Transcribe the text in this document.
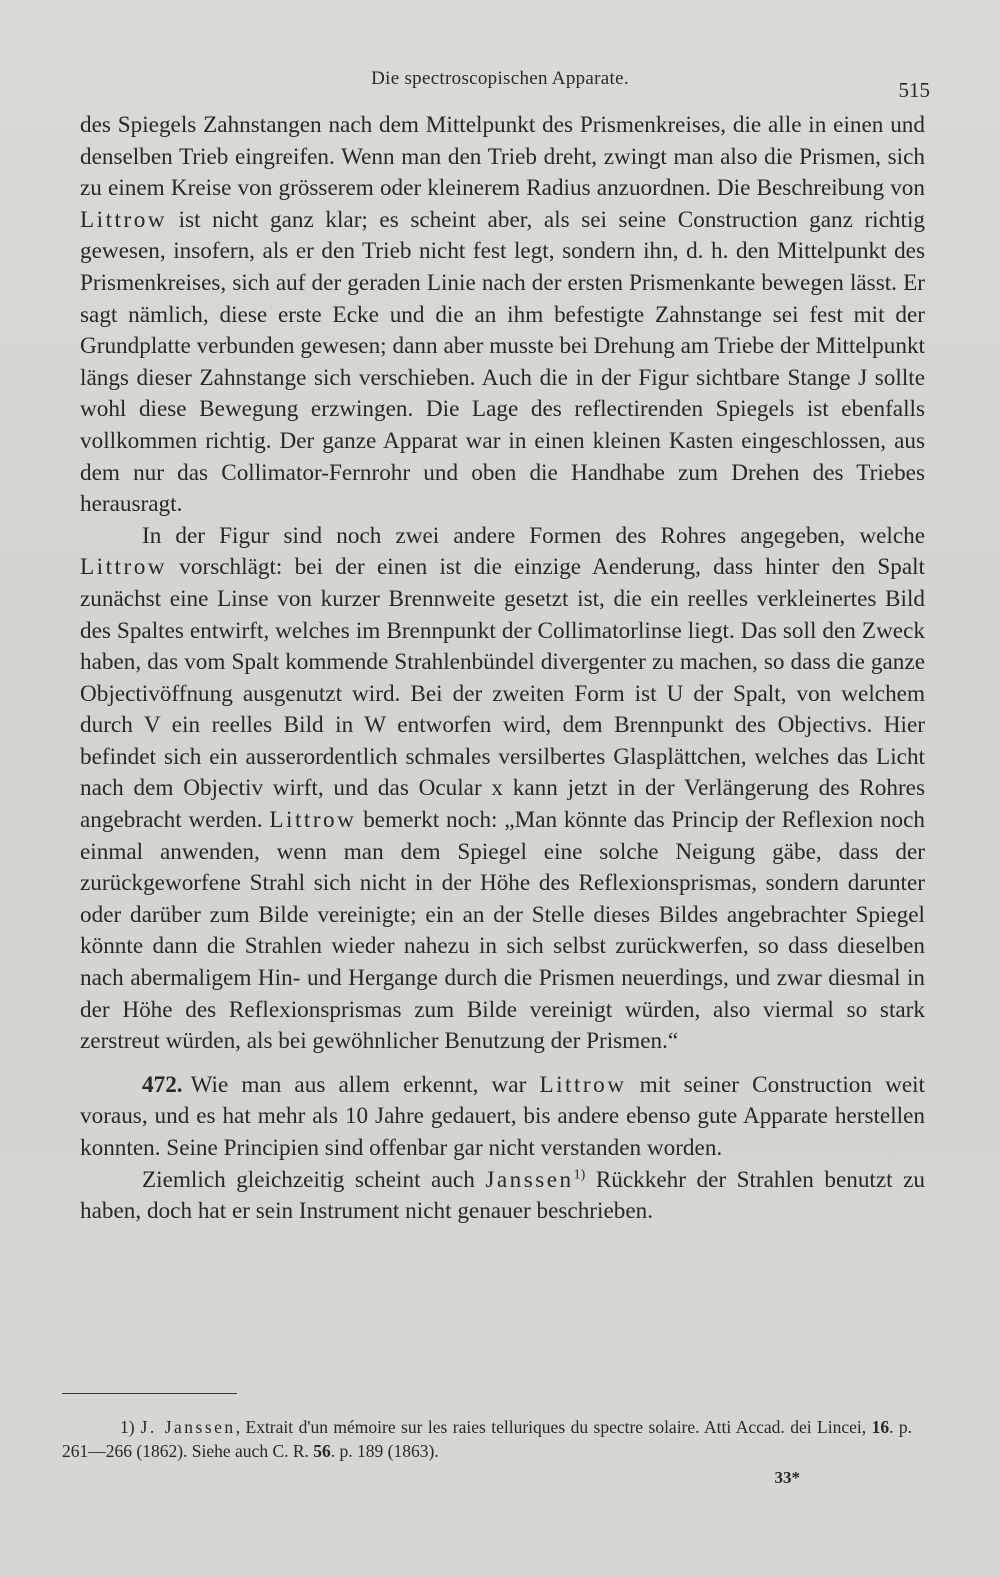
Die spectroscopischen Apparate.	515

des Spiegels Zahnstangen nach dem Mittelpunkt des Prismenkreises, die alle in einen und denselben Trieb eingreifen. Wenn man den Trieb dreht, zwingt man also die Prismen, sich zu einem Kreise von grösserem oder kleinerem Radius anzuordnen. Die Beschreibung von Littrow ist nicht ganz klar; es scheint aber, als sei seine Construction ganz richtig gewesen, insofern, als er den Trieb nicht fest legt, sondern ihn, d. h. den Mittelpunkt des Prismenkreises, sich auf der geraden Linie nach der ersten Prismenkante bewegen lässt. Er sagt nämlich, diese erste Ecke und die an ihm befestigte Zahnstange sei fest mit der Grundplatte verbunden gewesen; dann aber musste bei Drehung am Triebe der Mittelpunkt längs dieser Zahnstange sich verschieben. Auch die in der Figur sichtbare Stange J sollte wohl diese Bewegung erzwingen. Die Lage des reflectirenden Spiegels ist ebenfalls vollkommen richtig. Der ganze Apparat war in einen kleinen Kasten eingeschlossen, aus dem nur das Collimator-Fernrohr und oben die Handhabe zum Drehen des Triebes herausragt.

In der Figur sind noch zwei andere Formen des Rohres angegeben, welche Littrow vorschlägt: bei der einen ist die einzige Aenderung, dass hinter den Spalt zunächst eine Linse von kurzer Brennweite gesetzt ist, die ein reelles verkleinertes Bild des Spaltes entwirft, welches im Brennpunkt der Collimatorlinse liegt. Das soll den Zweck haben, das vom Spalt kommende Strahlenbündel divergenter zu machen, so dass die ganze Objectivöffnung ausgenutzt wird. Bei der zweiten Form ist U der Spalt, von welchem durch V ein reelles Bild in W entworfen wird, dem Brennpunkt des Objectivs. Hier befindet sich ein ausserordentlich schmales versilbertes Glasplättchen, welches das Licht nach dem Objectiv wirft, und das Ocular x kann jetzt in der Verlängerung des Rohres angebracht werden. Littrow bemerkt noch: „Man könnte das Princip der Reflexion noch einmal anwenden, wenn man dem Spiegel eine solche Neigung gäbe, dass der zurückgeworfene Strahl sich nicht in der Höhe des Reflexionsprismas, sondern darunter oder darüber zum Bilde vereinigte; ein an der Stelle dieses Bildes angebrachter Spiegel könnte dann die Strahlen wieder nahezu in sich selbst zurückwerfen, so dass dieselben nach abermaligem Hin- und Hergange durch die Prismen neuerdings, und zwar diesmal in der Höhe des Reflexionsprismas zum Bilde vereinigt würden, also viermal so stark zerstreut würden, als bei gewöhnlicher Benutzung der Prismen.“

472. Wie man aus allem erkennt, war Littrow mit seiner Construction weit voraus, und es hat mehr als 10 Jahre gedauert, bis andere ebenso gute Apparate herstellen konnten. Seine Principien sind offenbar gar nicht verstanden worden.

Ziemlich gleichzeitig scheint auch Janssen$^{1)}$ Rückkehr der Strahlen benutzt zu haben, doch hat er sein Instrument nicht genauer beschrieben.

1) J. Janssen, Extrait d'un mémoire sur les raies telluriques du spectre solaire. Atti Accad. dei Lincei, 16. p. 261—266 (1862). Siehe auch C. R. 56. p. 189 (1863).

33*
